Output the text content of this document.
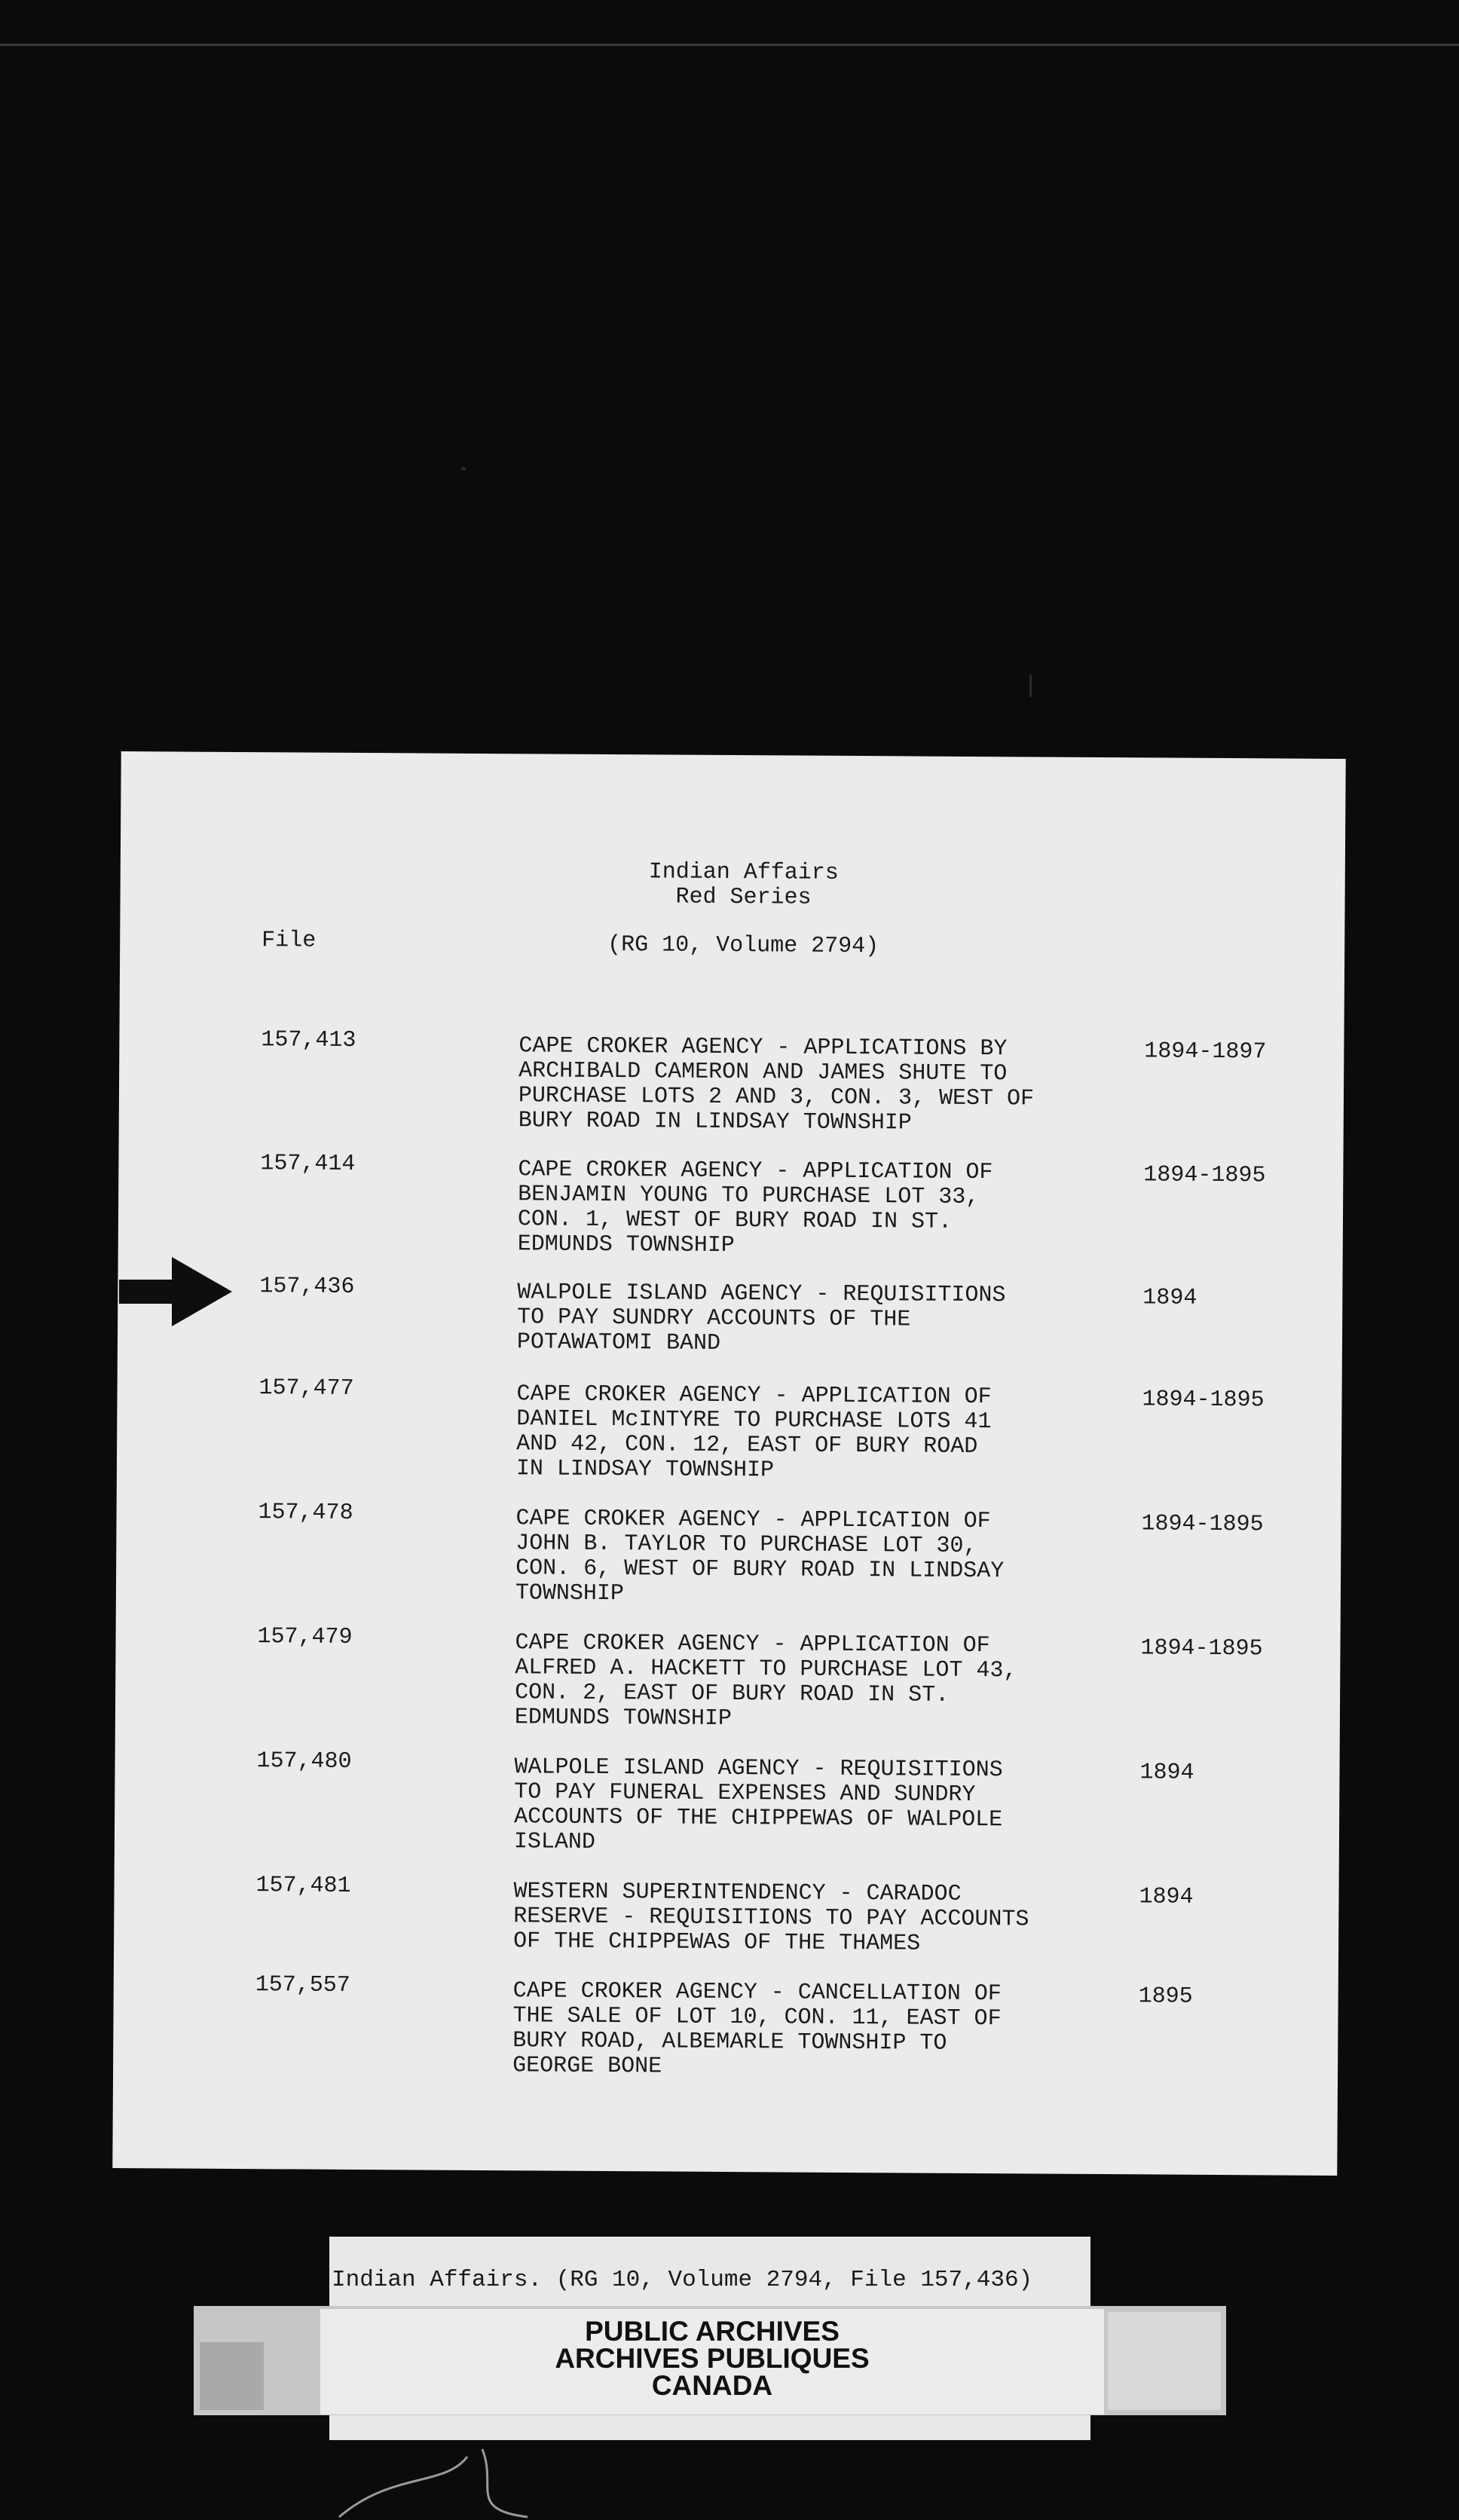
Indian Affairs
Red Series
(RG 10, Volume 2794)
File
157,413	CAPE CROKER AGENCY - APPLICATIONS BY
ARCHIBALD CAMERON AND JAMES SHUTE TO
PURCHASE LOTS 2 AND 3, CON. 3, WEST OF
BURY ROAD IN LINDSAY TOWNSHIP
1894-1897
157,414	CAPE CROKER AGENCY - APPLICATION OF
BENJAMIN YOUNG TO PURCHASE LOT 33,
CON. 1, WEST OF BURY ROAD IN ST.
EDMUNDS TOWNSHIP
1894-1895
157,436	WALPOLE ISLAND AGENCY - REQUISITIONS
TO PAY SUNDRY ACCOUNTS OF THE
POTAWATOMI BAND
1894
157,477	CAPE CROKER AGENCY - APPLICATION OF
DANIEL McINTYRE TO PURCHASE LOTS 41
AND 42, CON. 12, EAST OF BURY ROAD
IN LINDSAY TOWNSHIP
1894-1895
157,478	CAPE CROKER AGENCY - APPLICATION OF
JOHN B. TAYLOR TO PURCHASE LOT 30,
CON. 6, WEST OF BURY ROAD IN LINDSAY
TOWNSHIP
1894-1895
157,479	CAPE CROKER AGENCY - APPLICATION OF
ALFRED A. HACKETT TO PURCHASE LOT 43,
CON. 2, EAST OF BURY ROAD IN ST.
EDMUNDS TOWNSHIP
1894-1895
157,480	WALPOLE ISLAND AGENCY - REQUISITIONS
TO PAY FUNERAL EXPENSES AND SUNDRY
ACCOUNTS OF THE CHIPPEWAS OF WALPOLE
ISLAND
1894
157,481	WESTERN SUPERINTENDENCY - CARADOC
RESERVE - REQUISITIONS TO PAY ACCOUNTS
OF THE CHIPPEWAS OF THE THAMES
1894
157,557	CAPE CROKER AGENCY - CANCELLATION OF
THE SALE OF LOT 10, CON. 11, EAST OF
BURY ROAD, ALBEMARLE TOWNSHIP TO
GEORGE BONE
1895
Indian Affairs. (RG 10, Volume 2794, File 157,436)
PUBLIC ARCHIVES
ARCHIVES PUBLIQUES
CANADA
